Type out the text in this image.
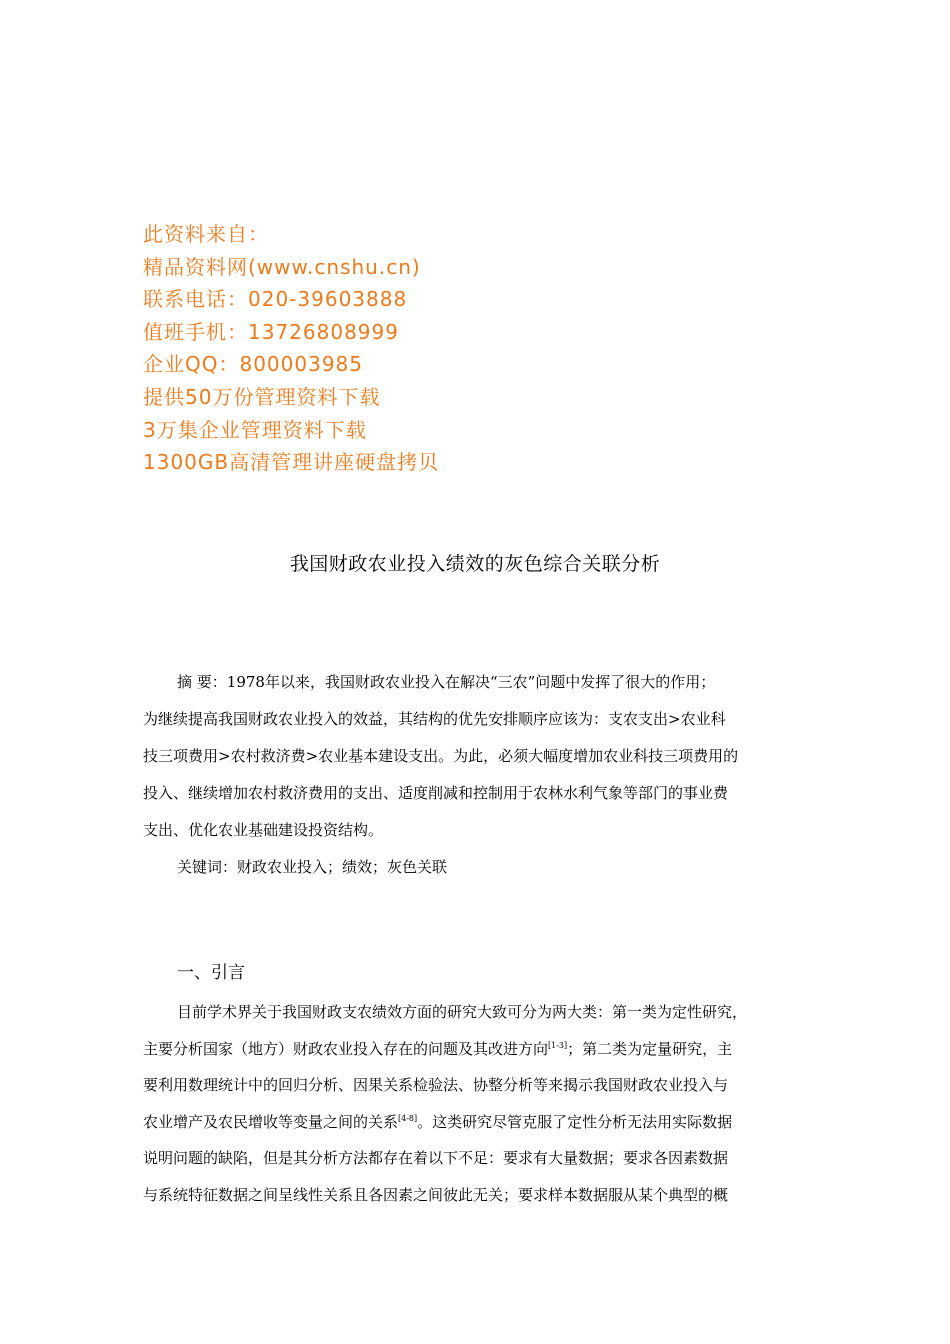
此资料来自：
精品资料网(www.cnshu.cn)
联系电话：020-39603888
值班手机：13726808999
企业QQ：800003985
提供50万份管理资料下载
3万集企业管理资料下载
1300GB高清管理讲座硬盘拷贝
我国财政农业投入绩效的灰色综合关联分析

摘 要：1978年以来，我国财政农业投入在解决“三农”问题中发挥了很大的作用；

为继续提高我国财政农业投入的效益，其结构的优先安排顺序应该为：支农支出>农业科

技三项费用>农村救济费>农业基本建设支出。为此，必须大幅度增加农业科技三项费用的

投入、继续增加农村救济费用的支出、适度削减和控制用于农林水利气象等部门的事业费

支出、优化农业基础建设投资结构。

关键词：财政农业投入；绩效；灰色关联

一、引言
目前学术界关于我国财政支农绩效方面的研究大致可分为两大类：第一类为定性研究，
主要分析国家（地方）财政农业投入存在的问题及其改进方向[1-3]；第二类为定量研究，主
要利用数理统计中的回归分析、因果关系检验法、协整分析等来揭示我国财政农业投入与
农业增产及农民增收等变量之间的关系[4-8]。这类研究尽管克服了定性分析无法用实际数据
说明问题的缺陷，但是其分析方法都存在着以下不足：要求有大量数据；要求各因素数据
与系统特征数据之间呈线性关系且各因素之间彼此无关；要求样本数据服从某个典型的概
